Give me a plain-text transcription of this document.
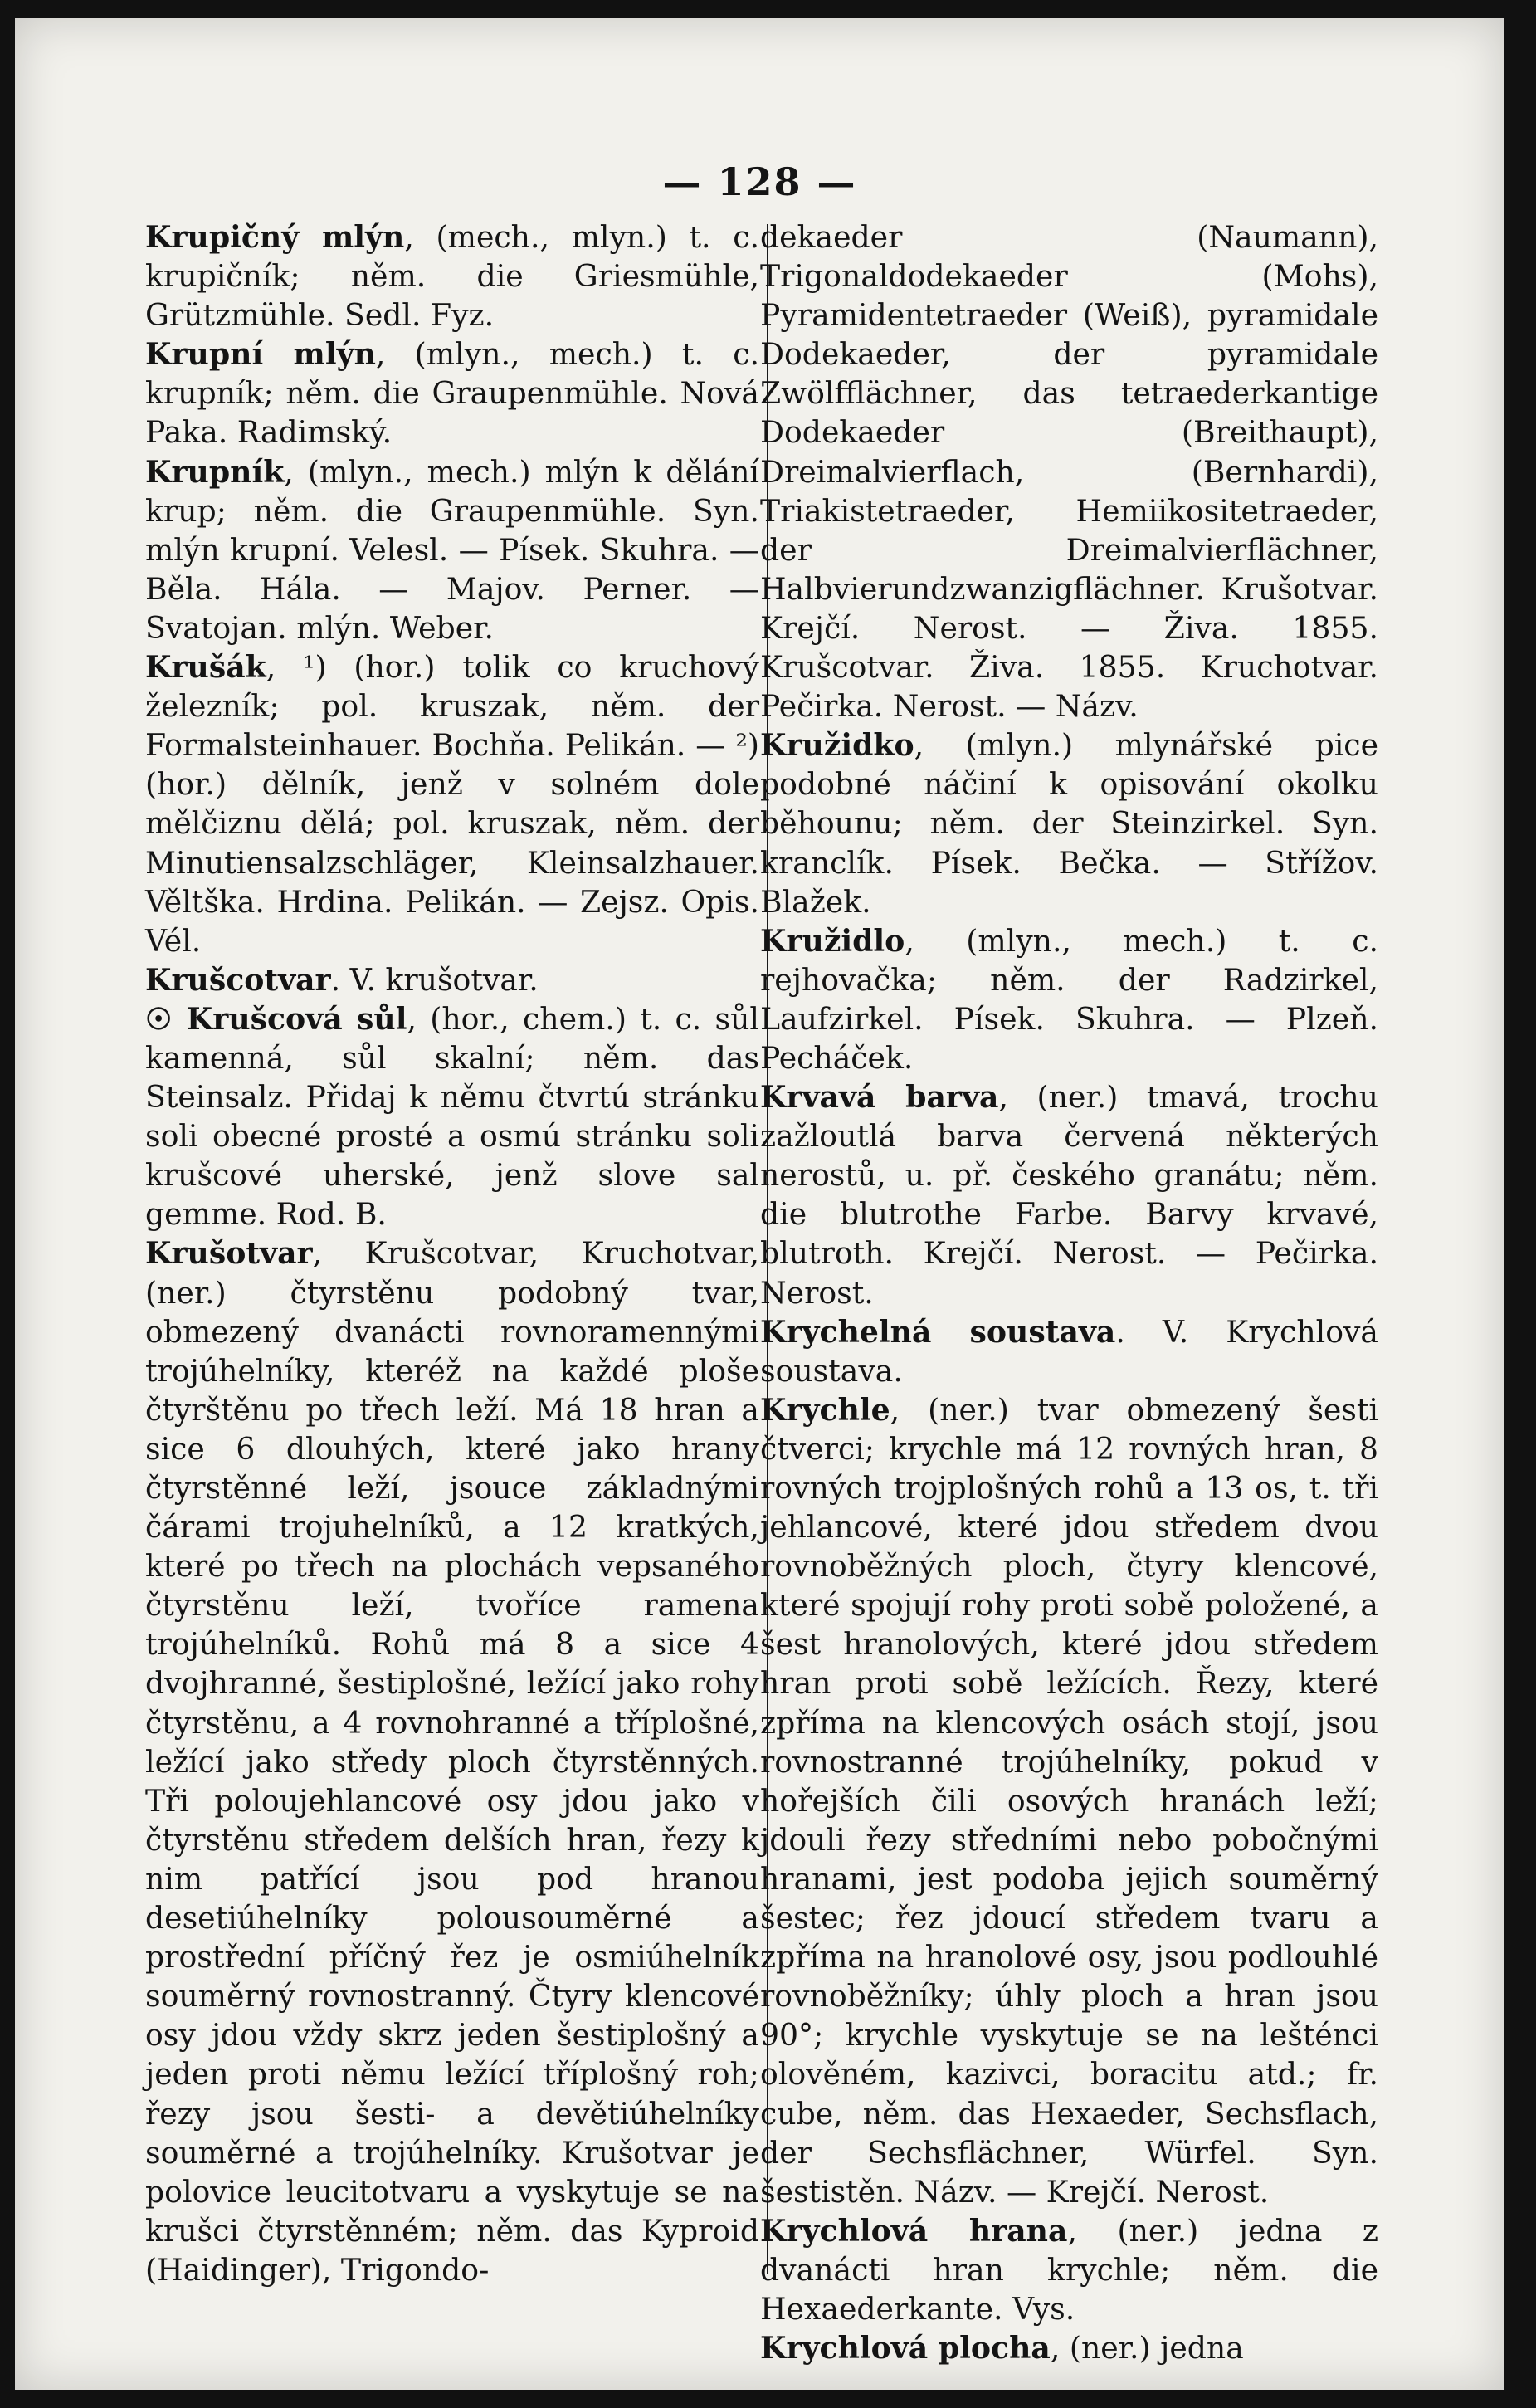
— 128 —

Krupičný mlýn, (mech., mlyn.) t. c. krupičník; něm. die Griesmühle, Grützmühle. Sedl. Fyz.

Krupní mlýn, (mlyn., mech.) t. c. krupník; něm. die Graupenmühle. Nová Paka. Radimský.

Krupník, (mlyn., mech.) mlýn k dělání krup; něm. die Graupenmühle. Syn. mlýn krupní. Velesl. — Písek. Skuhra. — Běla. Hála. — Majov. Perner. — Svatojan. mlýn. Weber.

Krušák, ¹) (hor.) tolik co kruchový železník; pol. kruszak, něm. der Formalsteinhauer. Bochňa. Pelikán. — ²) (hor.) dělník, jenž v solném dole mělčiznu dělá; pol. kruszak, něm. der Minutiensalzschläger, Kleinsalzhauer. Věltška. Hrdina. Pelikán. — Zejsz. Opis. Vél.

Krušcotvar. V. krušotvar.

☉ Krušcová sůl, (hor., chem.) t. c. sůl kamenná, sůl skalní; něm. das Steinsalz. Přidaj k němu čtvrtú stránku soli obecné prosté a osmú stránku soli krušcové uherské, jenž slove sal gemme. Rod. B.

Krušotvar, Krušcotvar, Kruchotvar, (ner.) čtyrstěnu podobný tvar, obmezený dvanácti rovnoramennými trojúhelníky, kteréž na každé ploše čtyrštěnu po třech leží. Má 18 hran a sice 6 dlouhých, které jako hrany čtyrstěnné leží, jsouce základnými čárami trojuhelníků, a 12 kratkých, které po třech na plochách vepsaného čtyrstěnu leží, tvoříce ramena trojúhelníků. Rohů má 8 a sice 4 dvojhranné, šestiplošné, ležící jako rohy čtyrstěnu, a 4 rovnohranné a tříplošné, ležící jako středy ploch čtyrstěnných. Tři poloujehlancové osy jdou jako v čtyrstěnu středem delších hran, řezy k nim patřící jsou pod hranou desetiúhelníky polousouměrné a prostřední příčný řez je osmiúhelník souměrný rovnostranný. Čtyry klencové osy jdou vždy skrz jeden šestiplošný a jeden proti němu ležící tříplošný roh; řezy jsou šesti- a devětiúhelníky souměrné a trojúhelníky. Krušotvar je polovice leucitotvaru a vyskytuje se na krušci čtyrstěnném; něm. das Kyproid (Haidinger), Trigondo-

dekaeder (Naumann), Trigonaldodekaeder (Mohs), Pyramidentetraeder (Weiß), pyramidale Dodekaeder, der pyramidale Zwölfflächner, das tetraederkantige Dodekaeder (Breithaupt), Dreimalvierflach, (Bernhardi), Triakistetraeder, Hemiikositetraeder, der Dreimalvierflächner, Halbvierundzwanzigflächner. Krušotvar. Krejčí. Nerost. — Živa. 1855. Krušcotvar. Živa. 1855. Kruchotvar. Pečirka. Nerost. — Názv.

Kružidko, (mlyn.) mlynářské pice podobné náčiní k opisování okolku běhounu; něm. der Steinzirkel. Syn. kranclík. Písek. Bečka. — Střížov. Blažek.

Kružidlo, (mlyn., mech.) t. c. rejhovačka; něm. der Radzirkel, Laufzirkel. Písek. Skuhra. — Plzeň. Pecháček.

Krvavá barva, (ner.) tmavá, trochu zažloutlá barva červená některých nerostů, u. př. českého granátu; něm. die blutrothe Farbe. Barvy krvavé, blutroth. Krejčí. Nerost. — Pečirka. Nerost.

Krychelná soustava. V. Krychlová soustava.

Krychle, (ner.) tvar obmezený šesti čtverci; krychle má 12 rovných hran, 8 rovných trojplošných rohů a 13 os, t. tři jehlancové, které jdou středem dvou rovnoběžných ploch, čtyry klencové, které spojují rohy proti sobě položené, a šest hranolových, které jdou středem hran proti sobě ležících. Řezy, které zpříma na klencových osách stojí, jsou rovnostranné trojúhelníky, pokud v hořejších čili osových hranách leží; jdouli řezy středními nebo pobočnými hranami, jest podoba jejich souměrný šestec; řez jdoucí středem tvaru a zpříma na hranolové osy, jsou podlouhlé rovnoběžníky; úhly ploch a hran jsou 90°; krychle vyskytuje se na lešténci olověném, kazivci, boracitu atd.; fr. cube, něm. das Hexaeder, Sechsflach, der Sechsflächner, Würfel. Syn. šestistěn. Názv. — Krejčí. Nerost.

Krychlová hrana, (ner.) jedna z dvanácti hran krychle; něm. die Hexaederkante. Vys.

Krychlová plocha, (ner.) jedna
